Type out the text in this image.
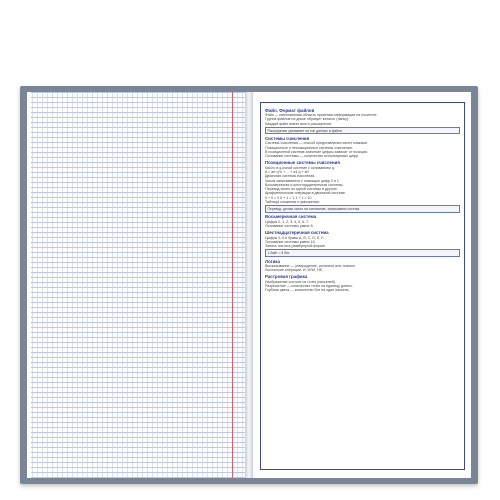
Файл. Формат файлов
Файл — именованная область хранения информации на носителе.
Группа файлов на диске образует каталог (папку).
Каждый файл имеет имя и расширение.
Расширение указывает на тип данных в файле.
Системы счисления
Система счисления — способ представления чисел знаками.
Позиционные и непозиционные системы счисления.
В позиционной системе значение цифры зависит от позиции.
Основание системы — количество используемых цифр.
Позиционные системы счисления
Число в q-ичной системе с основанием q:
A = an·q^n + ... + a1·q + a0
Двоичная система счисления.
Числа записываются с помощью цифр 0 и 1.
Восьмеричная и шестнадцатеричная системы.
Перевод чисел из одной системы в другую.
Арифметические операции в двоичной системе.
0 + 0 = 0 0 + 1 = 1 1 + 1 = 10
Таблица сложения и умножения.
Перевод: делим число на основание, записываем остатки.
Восьмеричная система
Цифры 0, 1, 2, 3, 4, 5, 6, 7.
Основание системы равно 8.
Шестнадцатеричная система
Цифры 0–9 и буквы A, B, C, D, E, F.
Основание системы равно 16.
Запись числа в развёрнутой форме.
1 байт = 8 бит.
Логика
Высказывание — утверждение, истинное или ложное.
Логические операции: И, ИЛИ, НЕ.
Растровая графика
Изображение состоит из точек (пикселей).
Разрешение — количество точек на единицу длины.
Глубина цвета — количество бит на один пиксель.
